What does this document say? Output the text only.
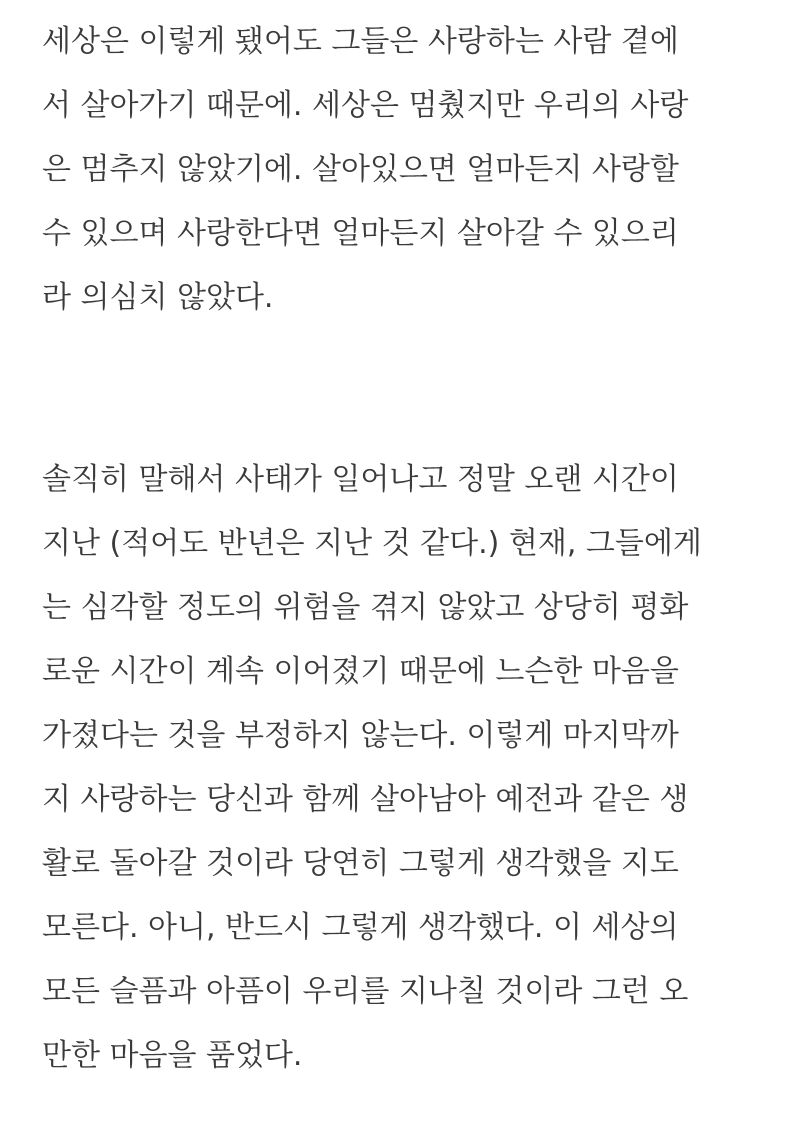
세상은 이렇게 됐어도 그들은 사랑하는 사람 곁에
서 살아가기 때문에. 세상은 멈췄지만 우리의 사랑
은 멈추지 않았기에. 살아있으면 얼마든지 사랑할
수 있으며 사랑한다면 얼마든지 살아갈 수 있으리
라 의심치 않았다.
솔직히 말해서 사태가 일어나고 정말 오랜 시간이
지난 (적어도 반년은 지난 것 같다.) 현재, 그들에게
는 심각할 정도의 위험을 겪지 않았고 상당히 평화
로운 시간이 계속 이어졌기 때문에 느슨한 마음을
가졌다는 것을 부정하지 않는다. 이렇게 마지막까
지 사랑하는 당신과 함께 살아남아 예전과 같은 생
활로 돌아갈 것이라 당연히 그렇게 생각했을 지도
모른다. 아니, 반드시 그렇게 생각했다. 이 세상의
모든 슬픔과 아픔이 우리를 지나칠 것이라 그런 오
만한 마음을 품었다.
